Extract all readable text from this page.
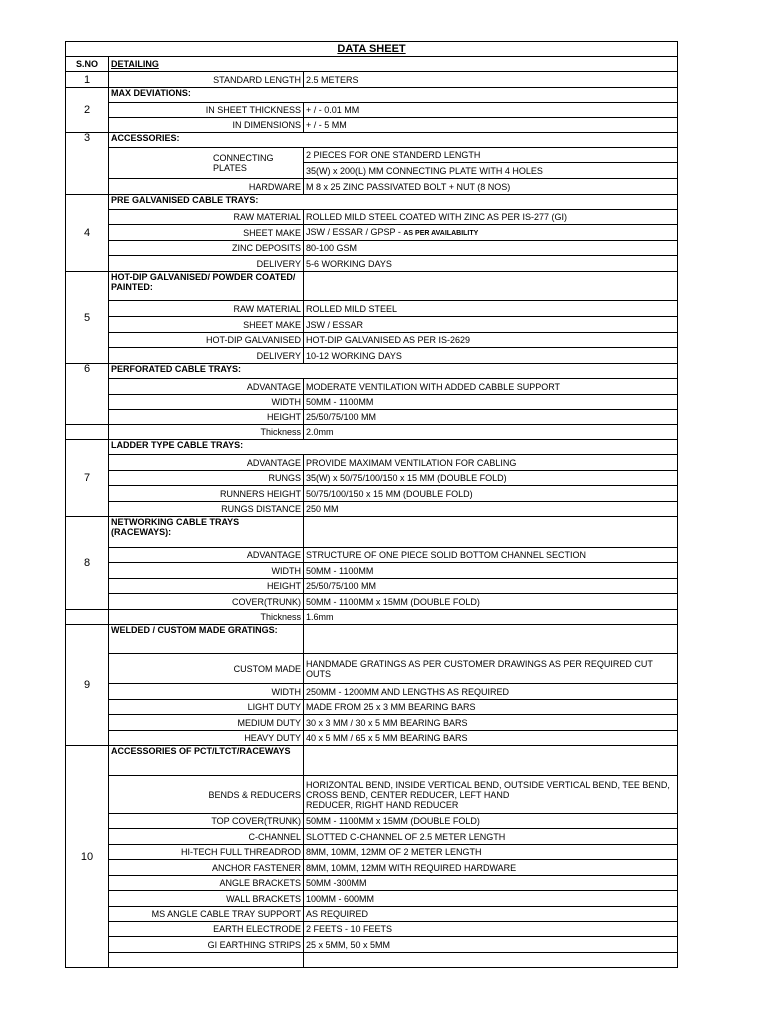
DATA SHEET		
S.NO	DETAILING	
1	STANDARD LENGTH	2.5 METERS
2	MAX DEVIATIONS:	
	IN SHEET THICKNESS	+ / - 0.01 MM
	IN DIMENSIONS	+ / - 5 MM
3	ACCESSORIES:	
	CONNECTING PLATES	2 PIECES FOR ONE STANDERD LENGTH
		35(W) x 200(L) MM CONNECTING PLATE WITH 4 HOLES
	HARDWARE	M 8 x 25 ZINC PASSIVATED BOLT + NUT (8 NOS)
4	PRE GALVANISED CABLE TRAYS:	
	RAW MATERIAL	ROLLED MILD STEEL COATED WITH ZINC AS PER IS-277 (GI)
	SHEET MAKE	JSW / ESSAR / GPSP - AS PER AVAILABILITY
	ZINC DEPOSITS	80-100 GSM
	DELIVERY	5-6 WORKING DAYS
5	HOT-DIP GALVANISED/ POWDER COATED/ PAINTED:	
	RAW MATERIAL	ROLLED MILD STEEL
	SHEET MAKE	JSW / ESSAR
	HOT-DIP GALVANISED	HOT-DIP GALVANISED AS PER IS-2629
	DELIVERY	10-12 WORKING DAYS
6	PERFORATED CABLE TRAYS:	
	ADVANTAGE	MODERATE VENTILATION WITH ADDED CABBLE SUPPORT
	WIDTH	50MM - 1100MM
	HEIGHT	25/50/75/100 MM
	Thickness	2.0mm
7	LADDER TYPE CABLE TRAYS:	
	ADVANTAGE	PROVIDE MAXIMAM VENTILATION FOR CABLING
	RUNGS	35(W) x 50/75/100/150 x 15 MM (DOUBLE FOLD)
	RUNNERS HEIGHT	50/75/100/150 x 15 MM (DOUBLE FOLD)
	RUNGS DISTANCE	250 MM
8	NETWORKING CABLE TRAYS (RACEWAYS):	
	ADVANTAGE	STRUCTURE OF ONE PIECE SOLID BOTTOM CHANNEL SECTION
	WIDTH	50MM - 1100MM
	HEIGHT	25/50/75/100 MM
	COVER(TRUNK)	50MM - 1100MM x 15MM (DOUBLE FOLD)
	Thickness	1.6mm
9	WELDED / CUSTOM MADE GRATINGS:	
	CUSTOM MADE	HANDMADE GRATINGS AS PER CUSTOMER DRAWINGS AS PER REQUIRED CUT OUTS
	WIDTH	250MM - 1200MM AND LENGTHS AS REQUIRED
	LIGHT DUTY	MADE FROM 25 x 3 MM BEARING BARS
	MEDIUM DUTY	30 x 3 MM / 30 x 5 MM BEARING BARS
	HEAVY DUTY	40 x 5 MM / 65 x 5 MM BEARING BARS
10	ACCESSORIES OF PCT/LTCT/RACEWAYS	
	BENDS & REDUCERS	HORIZONTAL BEND, INSIDE VERTICAL BEND, OUTSIDE VERTICAL BEND, TEE BEND, CROSS BEND, CENTER REDUCER, LEFT HAND
REDUCER, RIGHT HAND REDUCER
	TOP COVER(TRUNK)	50MM - 1100MM x 15MM (DOUBLE FOLD)
	C-CHANNEL	SLOTTED C-CHANNEL OF 2.5 METER LENGTH
	HI-TECH FULL THREADROD	8MM, 10MM, 12MM OF 2 METER LENGTH
	ANCHOR FASTENER	8MM, 10MM, 12MM WITH REQUIRED HARDWARE
	ANGLE BRACKETS	50MM -300MM
	WALL BRACKETS	100MM - 600MM
	MS ANGLE CABLE TRAY SUPPORT	AS REQUIRED
	EARTH ELECTRODE	2 FEETS - 10 FEETS
	GI EARTHING STRIPS	25 x 5MM, 50 x 5MM
